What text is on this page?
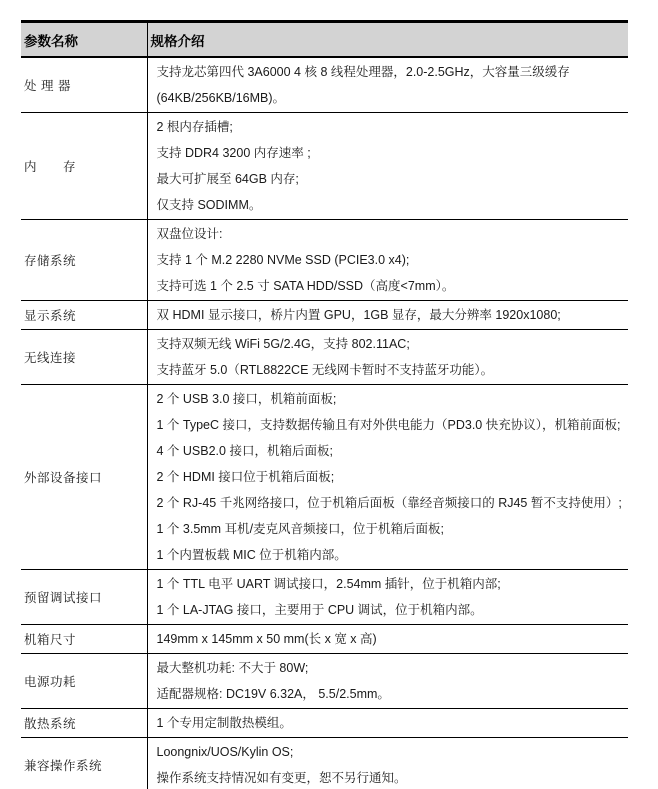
参数名称	规格介绍
处 理 器	支持龙芯第四代 3A6000 4 核 8 线程处理器，2.0-2.5GHz，大容量三级缓存
(64KB/256KB/16MB)。

内　　存	2 根内存插槽;
支持 DDR4 3200 内存速率 ;
最大可扩展至 64GB 内存;
仅支持 SODIMM。

存储系统	双盘位设计:
支持 1 个 M.2 2280 NVMe SSD (PCIE3.0 x4);
支持可选 1 个 2.5 寸 SATA HDD/SSD（高度<7mm）。

显示系统	双 HDMI 显示接口，桥片内置 GPU，1GB 显存，最大分辨率 1920x1080;

无线连接	支持双频无线 WiFi 5G/2.4G，支持 802.11AC;
支持蓝牙 5.0（RTL8822CE 无线网卡暂时不支持蓝牙功能）。

外部设备接口	
2 个 USB 3.0 接口，机箱前面板;
1 个 TypeC 接口，支持数据传输且有对外供电能力（PD3.0 快充协议），机箱前面板;
4 个 USB2.0 接口，机箱后面板;
2 个 HDMI 接口位于机箱后面板;
2 个 RJ-45 千兆网络接口，位于机箱后面板（靠经音频接口的 RJ45 暂不支持使用）;
1 个 3.5mm 耳机/麦克风音频接口，位于机箱后面板;
1 个内置板载 MIC 位于机箱内部。

预留调试接口	1 个 TTL 电平 UART 调试接口，2.54mm 插针，位于机箱内部;
1 个 LA-JTAG 接口，主要用于 CPU 调试，位于机箱内部。

机箱尺寸	149mm x 145mm x 50 mm(长 x 宽 x 高)

电源功耗	最大整机功耗: 不大于 80W;
适配器规格: DC19V 6.32A， 5.5/2.5mm。

散热系统	1 个专用定制散热模组。

兼容操作系统	Loongnix/UOS/Kylin OS;
操作系统支持情况如有变更，恕不另行通知。
